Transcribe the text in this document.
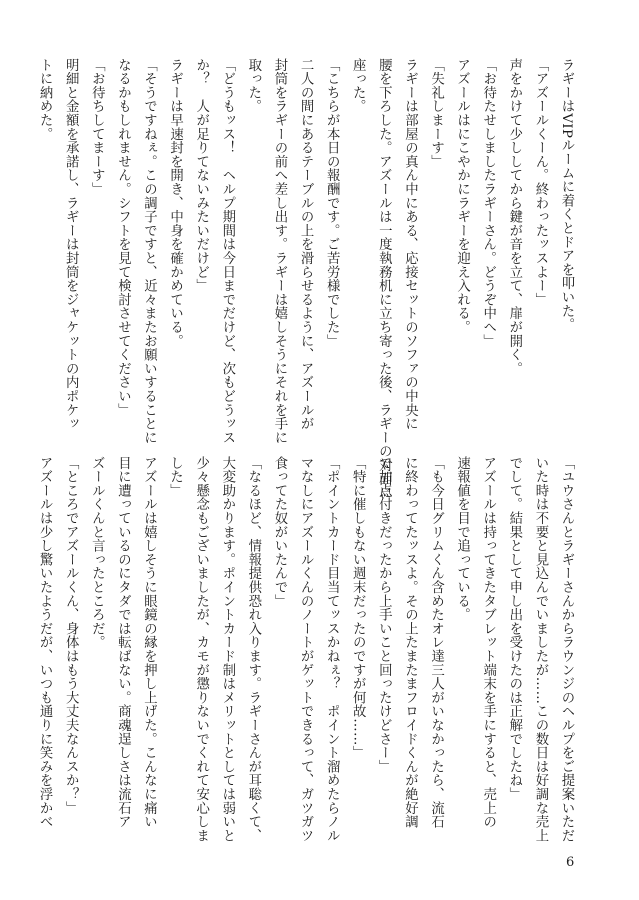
ラギーはVIPルームに着くとドアを叩いた。
「アズールくーん。終わったッスよー」
声をかけて少ししてから鍵が音を立て、扉が開く。
「お待たせしましたラギーさん。どうぞ中へ」
アズールはにこやかにラギーを迎え入れる。
「失礼しまーす」
ラギーは部屋の真ん中にある、応接セットのソファの中央に
腰を下ろした。アズールは一度執務机に立ち寄った後、ラギーの対面に
座った。
「こちらが本日の報酬です。ご苦労様でした」
二人の間にあるテーブルの上を滑らせるように、アズールが
封筒をラギーの前へ差し出す。ラギーは嬉しそうにそれを手に
取った。
「どうもッス！　ヘルプ期間は今日までだけど、次もどうッス
か？　人が足りてないみたいだけど」
ラギーは早速封を開き、中身を確かめている。
「そうですねぇ。この調子ですと、近々またお願いすることに
なるかもしれません。シフトを見て検討させてください」
「お待ちしてまーす」
明細と金額を承諾し、ラギーは封筒をジャケットの内ポケッ
トに納めた。
「ユウさんとラギーさんからラウンジのヘルプをご提案いただ
いた時は不要と見込んでいましたが……この数日は好調な売上
でして。結果として申し出を受けたのは正解でしたね」
アズールは持ってきたタブレット端末を手にすると、売上の
速報値を目で追っている。
「も今日グリムくん含めたオレ達三人がいなかったら、流石
に終わってたッスよ。その上たまたまフロイドくんが絶好調
で加点付きだったから上手いこと回ったけどさー」
「特に催しもない週末だったのですが何故……」
「ポイントカード目当てッスかねぇ？　ポイント溜めたらノル
マなしにアズールくんのノートがゲットできるって、ガツガツ
食ってた奴がいたんで」
「なるほど、情報提供恐れ入ります。ラギーさんが耳聡くて、
大変助かります。ポイントカード制はメリットとしては弱いと
少々懸念もございましたが、カモが懲りないでくれて安心しま
した」
アズールは嬉しそうに眼鏡の縁を押し上げた。こんなに痛い
目に遭っているのにタダでは転ばない。商魂逞しさは流石ア
ズールくんと言ったところだ。
「ところでアズールくん、身体はもう大丈夫なんスか？」
アズールは少し驚いたようだが、いつも通りに笑みを浮かべ
6
